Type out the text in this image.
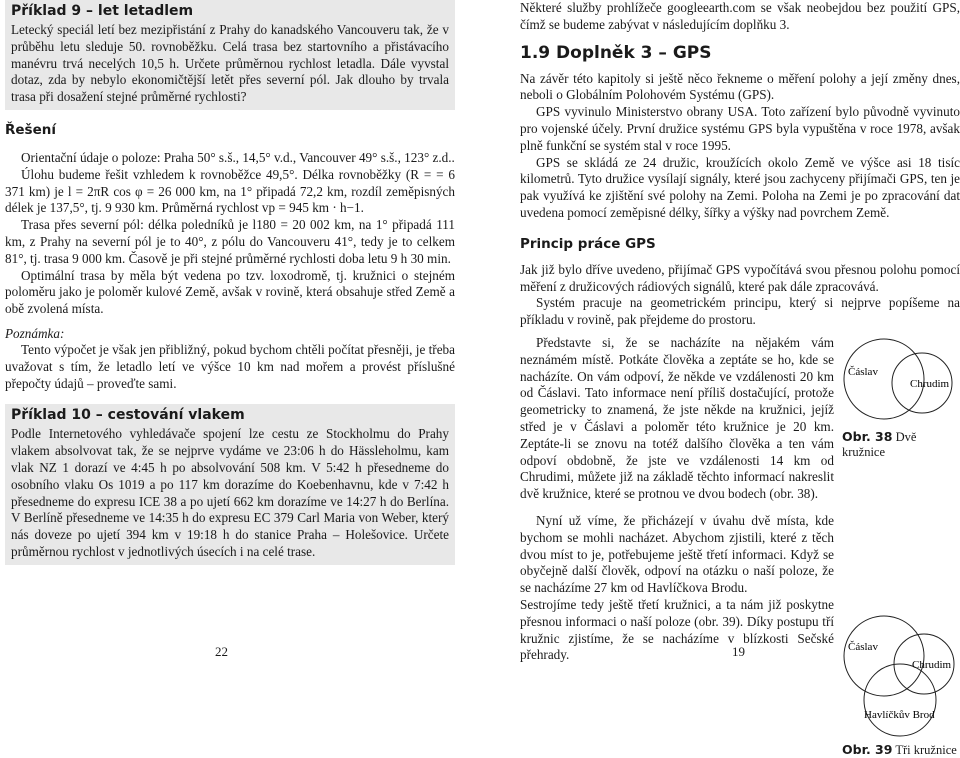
Příklad 9 – let letadlem

Letecký speciál letí bez mezipřistání z Prahy do kanadského Vancouveru tak, že v průběhu letu sleduje 50. rovnoběžku. Celá trasa bez startovního a přistávacího manévru trvá necelých 10,5 h. Určete průměrnou rychlost letadla. Dále vyvstal dotaz, zda by nebylo ekonomičtější letět přes severní pól. Jak dlouho by trvala trasa při dosažení stejné průměrné rychlosti?

Řešení

Orientační údaje o poloze: Praha 50° s.š., 14,5° v.d., Vancouver 49° s.š., 123° z.d..

Úlohu budeme řešit vzhledem k rovnoběžce 49,5°. Délka rovnoběžky (R = = 6 371 km) je l = 2πR cos φ = 26 000 km, na 1° připadá 72,2 km, rozdíl zeměpisných délek je 137,5°, tj. 9 930 km. Průměrná rychlost vp = 945 km · h−1.

Trasa přes severní pól: délka poledníků je l180 = 20 002 km, na 1° připadá 111 km, z Prahy na severní pól je to 40°, z pólu do Vancouveru 41°, tedy je to celkem 81°, tj. trasa 9 000 km. Časově je při stejné průměrné rychlosti doba letu 9 h 30 min.

Optimální trasa by měla být vedena po tzv. loxodromě, tj. kružnici o stejném poloměru jako je poloměr kulové Země, avšak v rovině, která obsahuje střed Země a obě zvolená místa.

Poznámka:

Tento výpočet je však jen přibližný, pokud bychom chtěli počítat přesněji, je třeba uvažovat s tím, že letadlo letí ve výšce 10 km nad mořem a provést příslušné přepočty údajů – proveďte sami.

Příklad 10 – cestování vlakem

Podle Internetového vyhledávače spojení lze cestu ze Stockholmu do Prahy vlakem absolvovat tak, že se nejprve vydáme ve 23:06 h do Hässleholmu, kam vlak NZ 1 dorazí ve 4:45 h po absolvování 508 km. V 5:42 h přesedneme do osobního vlaku Os 1019 a po 117 km dorazíme do Koebenhavnu, kde v 7:42 h přesedneme do expresu ICE 38 a po ujetí 662 km dorazíme ve 14:27 h do Berlína. V Berlíně přesedneme ve 14:35 h do expresu EC 379 Carl Maria von Weber, který nás doveze po ujetí 394 km v 19:18 h do stanice Praha – Holešovice. Určete průměrnou rychlost v jednotlivých úsecích i na celé trase.

22

Některé služby prohlížeče googleearth.com se však neobejdou bez použití GPS, čímž se budeme zabývat v následujícím doplňku 3.

1.9 Doplněk 3 – GPS

Na závěr této kapitoly si ještě něco řekneme o měření polohy a její změny dnes, neboli o Globálním Polohovém Systému (GPS).

GPS vyvinulo Ministerstvo obrany USA. Toto zařízení bylo původně vyvinuto pro vojenské účely. První družice systému GPS byla vypuštěna v roce 1978, avšak plně funkční se systém stal v roce 1995.

GPS se skládá ze 24 družic, kroužících okolo Země ve výšce asi 18 tisíc kilometrů. Tyto družice vysílají signály, které jsou zachyceny přijímači GPS, ten je pak využívá ke zjištění své polohy na Zemi. Poloha na Zemi je po zpracování dat uvedena pomocí zeměpisné délky, šířky a výšky nad povrchem Země.

Princip práce GPS

Jak již bylo dříve uvedeno, přijímač GPS vypočítává svou přesnou polohu pomocí měření z družicových rádiových signálů, které pak dále zpracovává.

Systém pracuje na geometrickém principu, který si nejprve popíšeme na příkladu v rovině, pak přejdeme do prostoru.

Čáslav
Chrudim
Obr. 38 Dvě kružnice
Čáslav
Chrudim
Havlíčkův Brod
Obr. 39 Tři kružnice

Představte si, že se nacházíte na nějakém vám neznámém místě. Potkáte člověka a zeptáte se ho, kde se nacházíte. On vám odpoví, že někde ve vzdálenosti 20 km od Čáslavi. Tato informace není příliš dostačující, protože geometricky to znamená, že jste někde na kružnici, jejíž střed je v Čáslavi a poloměr této kružnice je 20 km. Zeptáte-li se znovu na totéž dalšího člověka a ten vám odpoví obdobně, že jste ve vzdálenosti 14 km od Chrudimi, můžete již na základě těchto informací nakreslit dvě kružnice, které se protnou ve dvou bodech (obr. 38).

Nyní už víme, že přicházejí v úvahu dvě místa, kde bychom se mohli nacházet. Abychom zjistili, které z těch dvou míst to je, potřebujeme ještě třetí informaci. Když se obyčejně další člověk, odpoví na otázku o naší poloze, že se nacházíme 27 km od Havlíčkova Brodu.

Sestrojíme tedy ještě třetí kružnici, a ta nám již poskytne přesnou informaci o naší poloze (obr. 39). Díky postupu tří kružnic zjistíme, že se nacházíme v blízkosti Sečské přehrady.	19
